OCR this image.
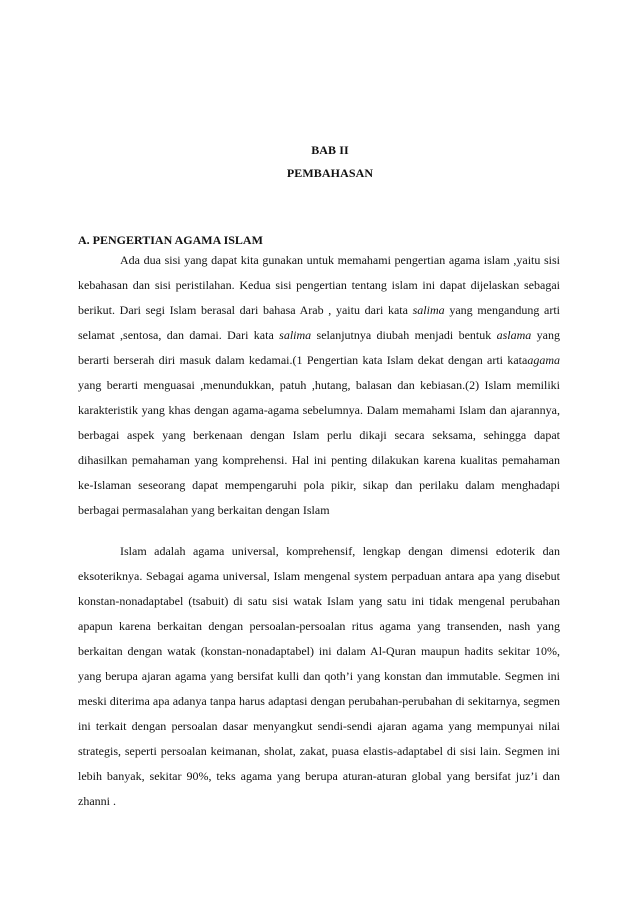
BAB II
PEMBAHASAN
A. PENGERTIAN AGAMA ISLAM

Ada dua sisi yang dapat kita gunakan untuk memahami pengertian agama islam ,yaitu sisi kebahasan dan sisi peristilahan. Kedua sisi pengertian tentang islam ini dapat dijelaskan sebagai berikut. Dari segi Islam berasal dari bahasa Arab , yaitu dari kata salima yang mengandung arti selamat ,sentosa, dan damai. Dari kata salima selanjutnya diubah menjadi bentuk aslama yang berarti berserah diri masuk dalam kedamai.(1 Pengertian kata Islam dekat dengan arti kataagama yang berarti menguasai ,menundukkan, patuh ,hutang, balasan dan kebiasan.(2) Islam memiliki karakteristik yang khas dengan agama-agama sebelumnya. Dalam memahami Islam dan ajarannya, berbagai aspek yang berkenaan dengan Islam perlu dikaji secara seksama, sehingga dapat dihasilkan pemahaman yang komprehensi. Hal ini penting dilakukan karena kualitas pemahaman ke-Islaman seseorang dapat mempengaruhi pola pikir, sikap dan perilaku dalam menghadapi berbagai permasalahan yang berkaitan dengan Islam

Islam adalah agama universal, komprehensif, lengkap dengan dimensi edoterik dan eksoteriknya. Sebagai agama universal, Islam mengenal system perpaduan antara apa yang disebut konstan-nonadaptabel (tsabuit) di satu sisi watak Islam yang satu ini tidak mengenal perubahan apapun karena berkaitan dengan persoalan-persoalan ritus agama yang transenden, nash yang berkaitan dengan watak (konstan-nonadaptabel) ini dalam Al-Quran maupun hadits sekitar 10%, yang berupa ajaran agama yang bersifat kulli dan qoth’i yang konstan dan immutable. Segmen ini meski diterima apa adanya tanpa harus adaptasi dengan perubahan-perubahan di sekitarnya, segmen ini terkait dengan persoalan dasar menyangkut sendi-sendi ajaran agama yang mempunyai nilai strategis, seperti persoalan keimanan, sholat, zakat, puasa elastis-adaptabel di sisi lain. Segmen ini lebih banyak, sekitar 90%, teks agama yang berupa aturan-aturan global yang bersifat juz’i dan zhanni .
